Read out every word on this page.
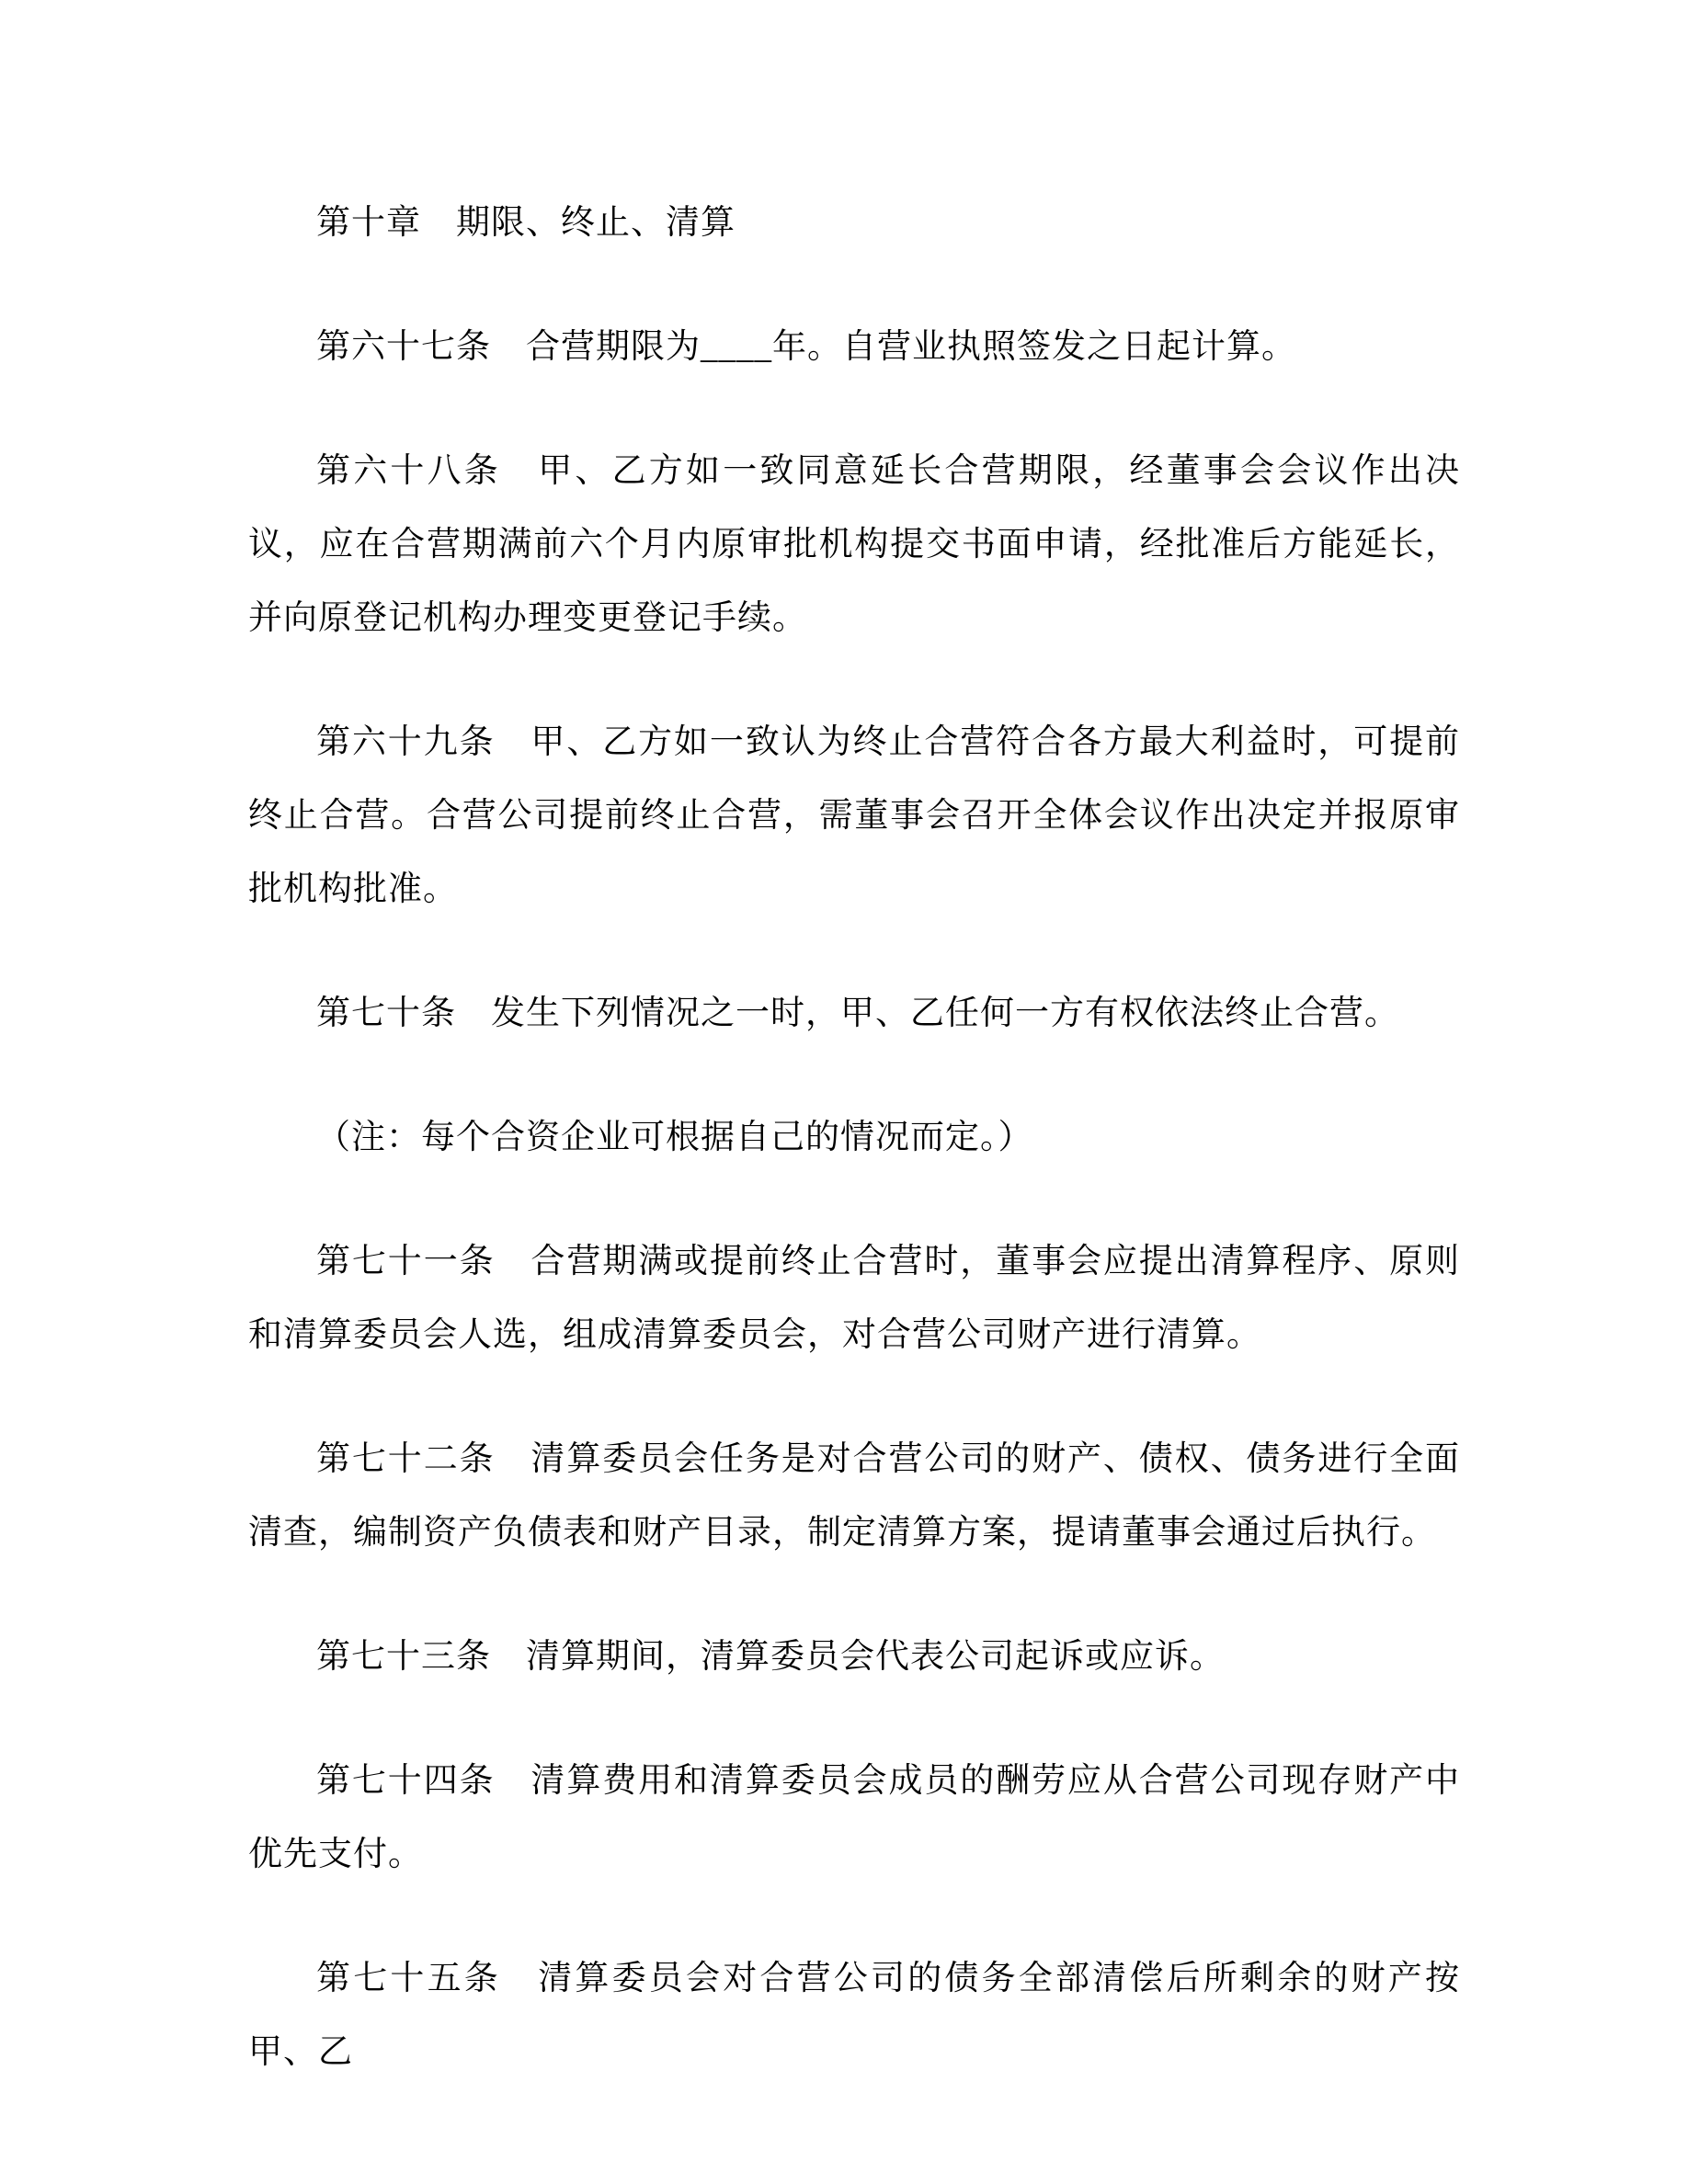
第十章　期限、终止、清算

第六十七条　合营期限为____年。自营业执照签发之日起计算。

第六十八条　甲、乙方如一致同意延长合营期限，经董事会会议作出决议，应在合营期满前六个月内原审批机构提交书面申请，经批准后方能延长，并向原登记机构办理变更登记手续。

第六十九条　甲、乙方如一致认为终止合营符合各方最大利益时，可提前终止合营。合营公司提前终止合营，需董事会召开全体会议作出决定并报原审批机构批准。

第七十条　发生下列情况之一时，甲、乙任何一方有权依法终止合营。

（注：每个合资企业可根据自己的情况而定。）

第七十一条　合营期满或提前终止合营时，董事会应提出清算程序、原则和清算委员会人选，组成清算委员会，对合营公司财产进行清算。

第七十二条　清算委员会任务是对合营公司的财产、债权、债务进行全面清查，编制资产负债表和财产目录，制定清算方案，提请董事会通过后执行。

第七十三条　清算期间，清算委员会代表公司起诉或应诉。

第七十四条　清算费用和清算委员会成员的酬劳应从合营公司现存财产中优先支付。

第七十五条　清算委员会对合营公司的债务全部清偿后所剩余的财产按甲、乙
